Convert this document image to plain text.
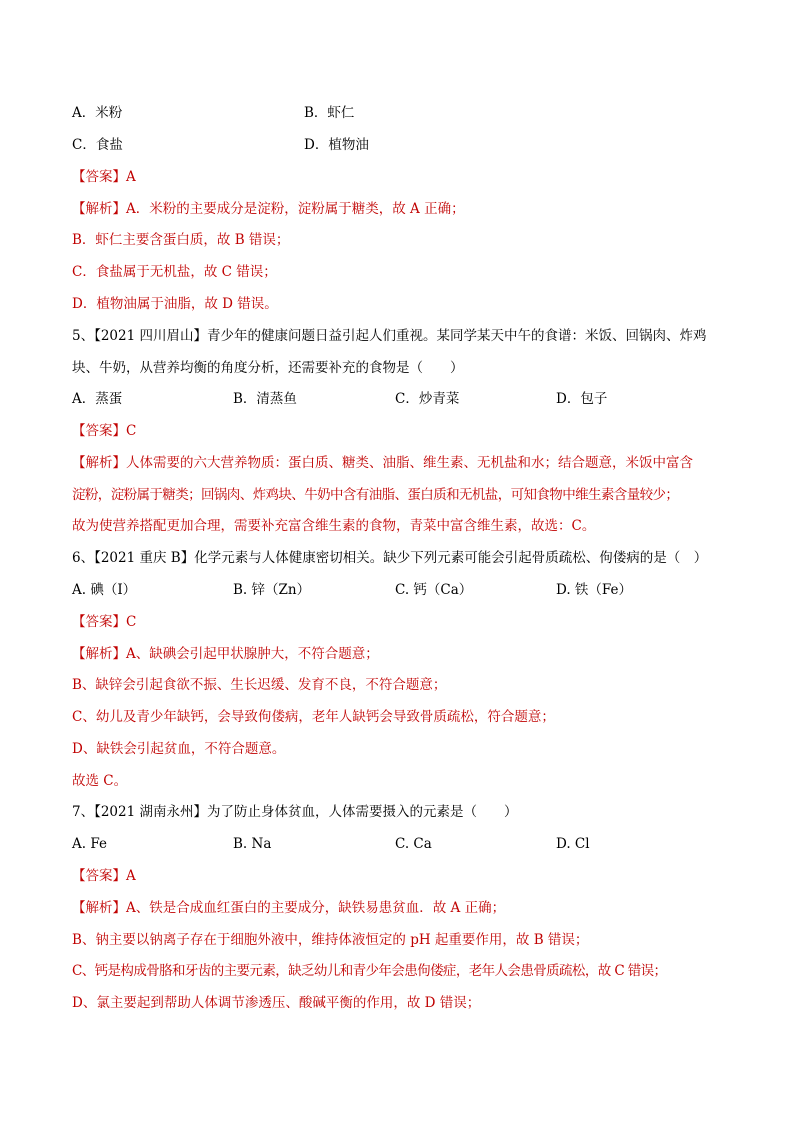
A．米粉	B．虾仁
C．食盐	D．植物油
【答案】A
【解析】A．米粉的主要成分是淀粉，淀粉属于糖类，故 A 正确；
B．虾仁主要含蛋白质，故 B 错误；
C．食盐属于无机盐，故 C 错误；
D．植物油属于油脂，故 D 错误。
5、【2021 四川眉山】青少年的健康问题日益引起人们重视。某同学某天中午的食谱：米饭、回锅肉、炸鸡
块、牛奶，从营养均衡的角度分析，还需要补充的食物是（　　）
A．蒸蛋	B．清蒸鱼	C．炒青菜	D．包子
【答案】C
【解析】人体需要的六大营养物质：蛋白质、糖类、油脂、维生素、无机盐和水；结合题意，米饭中富含
淀粉，淀粉属于糖类；回锅肉、炸鸡块、牛奶中含有油脂、蛋白质和无机盐，可知食物中维生素含量较少；
故为使营养搭配更加合理，需要补充富含维生素的食物，青菜中富含维生素，故选：C。
6、【2021 重庆 B】化学元素与人体健康密切相关。缺少下列元素可能会引起骨质疏松、佝偻病的是（　）
A. 碘（I）	B. 锌（Zn）	C. 钙（Ca）	D. 铁（Fe）
【答案】C
【解析】A、缺碘会引起甲状腺肿大，不符合题意；
B、缺锌会引起食欲不振、生长迟缓、发育不良，不符合题意；
C、幼儿及青少年缺钙，会导致佝偻病，老年人缺钙会导致骨质疏松，符合题意；
D、缺铁会引起贫血，不符合题意。
故选 C。
7、【2021 湖南永州】为了防止身体贫血，人体需要摄入的元素是（　　）
A. Fe	B. Na	C. Ca	D. Cl
【答案】A
【解析】A、铁是合成血红蛋白的主要成分，缺铁易患贫血．故 A 正确；
B、钠主要以钠离子存在于细胞外液中，维持体液恒定的 pH 起重要作用，故 B 错误；
C、钙是构成骨胳和牙齿的主要元素，缺乏幼儿和青少年会患佝偻症，老年人会患骨质疏松，故 C 错误；
D、氯主要起到帮助人体调节渗透压、酸碱平衡的作用，故 D 错误；
